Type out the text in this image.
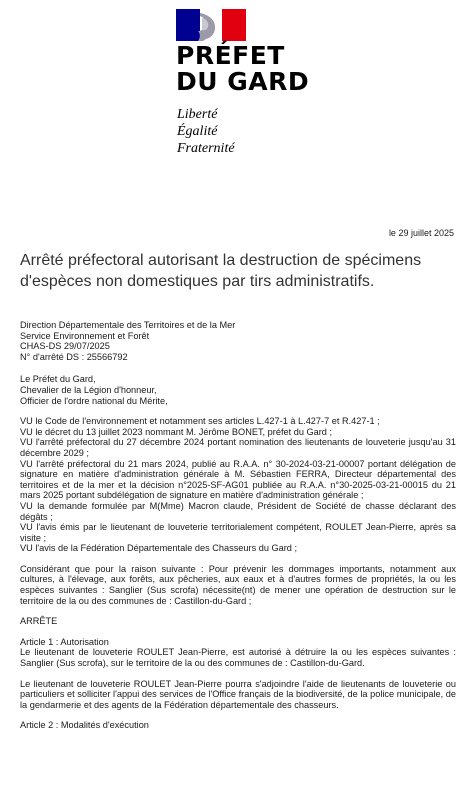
PRÉFET
DU GARD
Liberté
Égalité
Fraternité
le 29 juillet 2025
Arrêté préfectoral autorisant la destruction de spécimens d'espèces non domestiques par tirs administratifs.

Direction Départementale des Territoires et de la Mer

Service Environnement et Forêt

CHAS-DS 29/07/2025

N° d'arrêté DS : 25566792

Le Préfet du Gard,

Chevalier de la Légion d'honneur,

Officier de l'ordre national du Mérite,

VU le Code de l'environnement et notamment ses articles L.427-1 à L.427-7 et R.427-1 ;

VU le décret du 13 juillet 2023 nommant M. Jérôme BONET, préfet du Gard ;

VU l'arrêté préfectoral du 27 décembre 2024 portant nomination des lieutenants de louveterie jusqu'au 31 décembre 2029 ;

VU l'arrêté préfectoral du 21 mars 2024, publié au R.A.A. n° 30-2024-03-21-00007 portant délégation de signature en matière d'administration générale à M. Sébastien FERRA, Directeur départemental des territoires et de la mer et la décision n°2025-SF-AG01 publiée au R.A.A. n°30-2025-03-21-00015 du 21 mars 2025 portant subdélégation de signature en matière d'administration générale ;

VU la demande formulée par M(Mme) Macron claude, Président de Société de chasse déclarant des dégâts ;

VU l'avis émis par le lieutenant de louveterie territorialement compétent, ROULET Jean-Pierre, après sa visite ;

VU l'avis de la Fédération Départementale des Chasseurs du Gard ;

Considérant que pour la raison suivante : Pour prévenir les dommages importants, notamment aux cultures, à l'élevage, aux forêts, aux pêcheries, aux eaux et à d'autres formes de propriétés, la ou les espèces suivantes : Sanglier (Sus scrofa) nécessite(nt) de mener une opération de destruction sur le territoire de la ou des communes de : Castillon-du-Gard ;

ARRÊTE

Article 1 : Autorisation

Le lieutenant de louveterie ROULET Jean-Pierre, est autorisé à détruire la ou les espèces suivantes : Sanglier (Sus scrofa), sur le territoire de la ou des communes de : Castillon-du-Gard.

Le lieutenant de louveterie ROULET Jean-Pierre pourra s'adjoindre l'aide de lieutenants de louveterie ou particuliers et solliciter l'appui des services de l'Office français de la biodiversité, de la police municipale, de la gendarmerie et des agents de la Fédération départementale des chasseurs.

Article 2 : Modalités d'exécution
